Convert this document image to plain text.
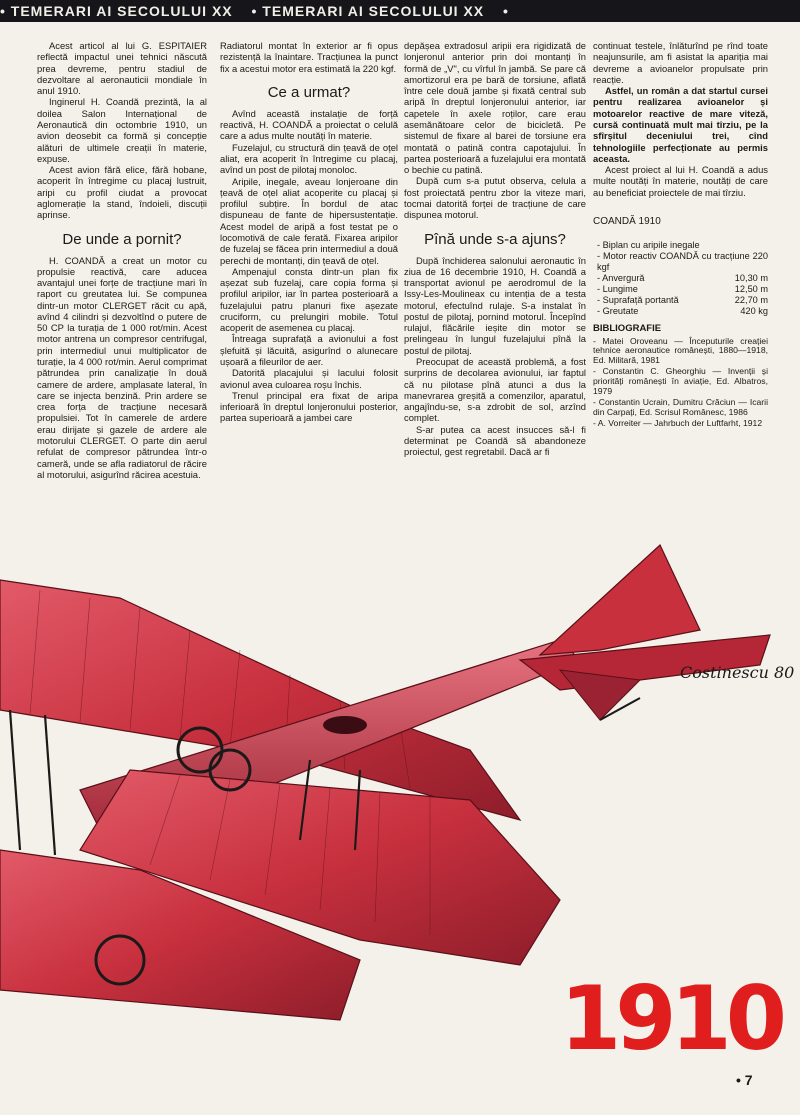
• TEMERARI AI SECOLULUI XX • TEMERARI AI SECOLULUI XX •

Acest articol al lui G. ESPITAIER reflectă impactul unei tehnici născută prea devreme, pentru stadiul de dezvoltare al aeronauticii mondiale în anul 1910.

Inginerul H. Coandă prezintă, la al doilea Salon Internațional de Aeronautică din octombrie 1910, un avion deosebit ca formă și concepție alături de ultimele creații în materie, expuse.

Acest avion fără elice, fără hobane, acoperit în întregime cu placaj lustruit, aripi cu profil ciudat a provocat aglomerație la stand, îndoieli, discuții aprinse.

De unde a pornit?

H. COANDĂ a creat un motor cu propulsie reactivă, care aducea avantajul unei forțe de tracțiune mari în raport cu greutatea lui. Se compunea dintr-un motor CLERGET răcit cu apă, avînd 4 cilindri și dezvoltînd o putere de 50 CP la turația de 1 000 rot/min. Acest motor antrena un compresor centrifugal, prin intermediul unui multiplicator de turație, la 4 000 rot/min. Aerul comprimat pătrundea prin canalizație în două camere de ardere, amplasate lateral, în care se injecta benzină. Prin ardere se crea forța de tracțiune necesară propulsiei. Tot în camerele de ardere erau dirijate și gazele de ardere ale motorului CLERGET. O parte din aerul refulat de compresor pătrundea într-o cameră, unde se afla radiatorul de răcire al motorului, asigurînd răcirea acestuia.

Radiatorul montat în exterior ar fi opus rezistență la înaintare. Tracțiunea la punct fix a acestui motor era estimată la 220 kgf.

Ce a urmat?

Avînd această instalație de forță reactivă, H. COANDĂ a proiectat o celulă care a adus multe noutăți în materie.

Fuzelajul, cu structură din țeavă de oțel aliat, era acoperit în întregime cu placaj, avînd un post de pilotaj monoloc.

Aripile, inegale, aveau lonjeroane din țeavă de oțel aliat acoperite cu placaj și profilul subțire. În bordul de atac dispuneau de fante de hipersustentație. Acest model de aripă a fost testat pe o locomotivă de cale ferată. Fixarea aripilor de fuzelaj se făcea prin intermediul a două perechi de montanți, din țeavă de oțel.

Ampenajul consta dintr-un plan fix așezat sub fuzelaj, care copia forma și profilul aripilor, iar în partea posterioară a fuzelajului patru planuri fixe așezate cruciform, cu prelungiri mobile. Totul acoperit de asemenea cu placaj.

Întreaga suprafață a avionului a fost șlefuită și lăcuită, asigurînd o alunecare ușoară a fileurilor de aer.

Datorită placajului și lacului folosit avionul avea culoarea roșu închis.

Trenul principal era fixat de aripa inferioară în dreptul lonjeronului posterior, partea superioară a jambei care

depășea extradosul aripii era rigidizată de lonjeronul anterior prin doi montanți în formă de „V", cu vîrful în jambă. Se pare că amortizorul era pe bară de torsiune, aflată între cele două jambe și fixată central sub aripă în dreptul lonjeronului anterior, iar capetele în axele roților, care erau asemănătoare celor de bicicletă. Pe sistemul de fixare al barei de torsiune era montată o patină contra capotajului. În partea posterioară a fuzelajului era montată o bechie cu patină.

După cum s-a putut observa, celula a fost proiectată pentru zbor la viteze mari, tocmai datorită forței de tracțiune de care dispunea motorul.

Pînă unde s-a ajuns?

După închiderea salonului aeronautic în ziua de 16 decembrie 1910, H. Coandă a transportat avionul pe aerodromul de la Issy-Les-Moulineax cu intenția de a testa motorul, efectuînd rulaje. S-a instalat în postul de pilotaj, pornind motorul. Începînd rulajul, flăcările ieșite din motor se prelingeau în lungul fuzelajului pînă la postul de pilotaj.

Preocupat de această problemă, a fost surprins de decolarea avionului, iar faptul că nu pilotase pînă atunci a dus la manevrarea greșită a comenzilor, aparatul, angajîndu-se, s-a zdrobit de sol, arzînd complet.

S-ar putea ca acest insucces să-l fi determinat pe Coandă să abandoneze proiectul, gest regretabil. Dacă ar fi

continuat testele, înlăturînd pe rînd toate neajunsurile, am fi asistat la apariția mai devreme a avioanelor propulsate prin reacție.

Astfel, un român a dat startul cursei pentru realizarea avioanelor și motoarelor reactive de mare viteză, cursă continuată mult mai tîrziu, pe la sfîrșitul deceniului trei, cînd tehnologiile perfecționate au permis aceasta.

Acest proiect al lui H. Coandă a adus multe noutăți în materie, noutăți de care au beneficiat proiectele de mai tîrziu.

COANDĂ 1910
- Biplan cu aripile inegale
- Motor reactiv COANDĂ cu tracțiune 220 kgf
- Anvergură	10,30 m
- Lungime	12,50 m
- Suprafață portantă	22,70 m
- Greutate	420 kg
BIBLIOGRAFIE
- Matei Oroveanu — Începuturile creației tehnice aeronautice românești, 1880—1918, Ed. Militară, 1981
- Constantin C. Gheorghiu — Invenții și priorități românești în aviație, Ed. Albatros, 1979
- Constantin Ucrain, Dumitru Crăciun — Icarii din Carpați, Ed. Scrisul Românesc, 1986
- A. Vorreiter — Jahrbuch der Luftfarht, 1912
Costinescu 80
1910
• 7
